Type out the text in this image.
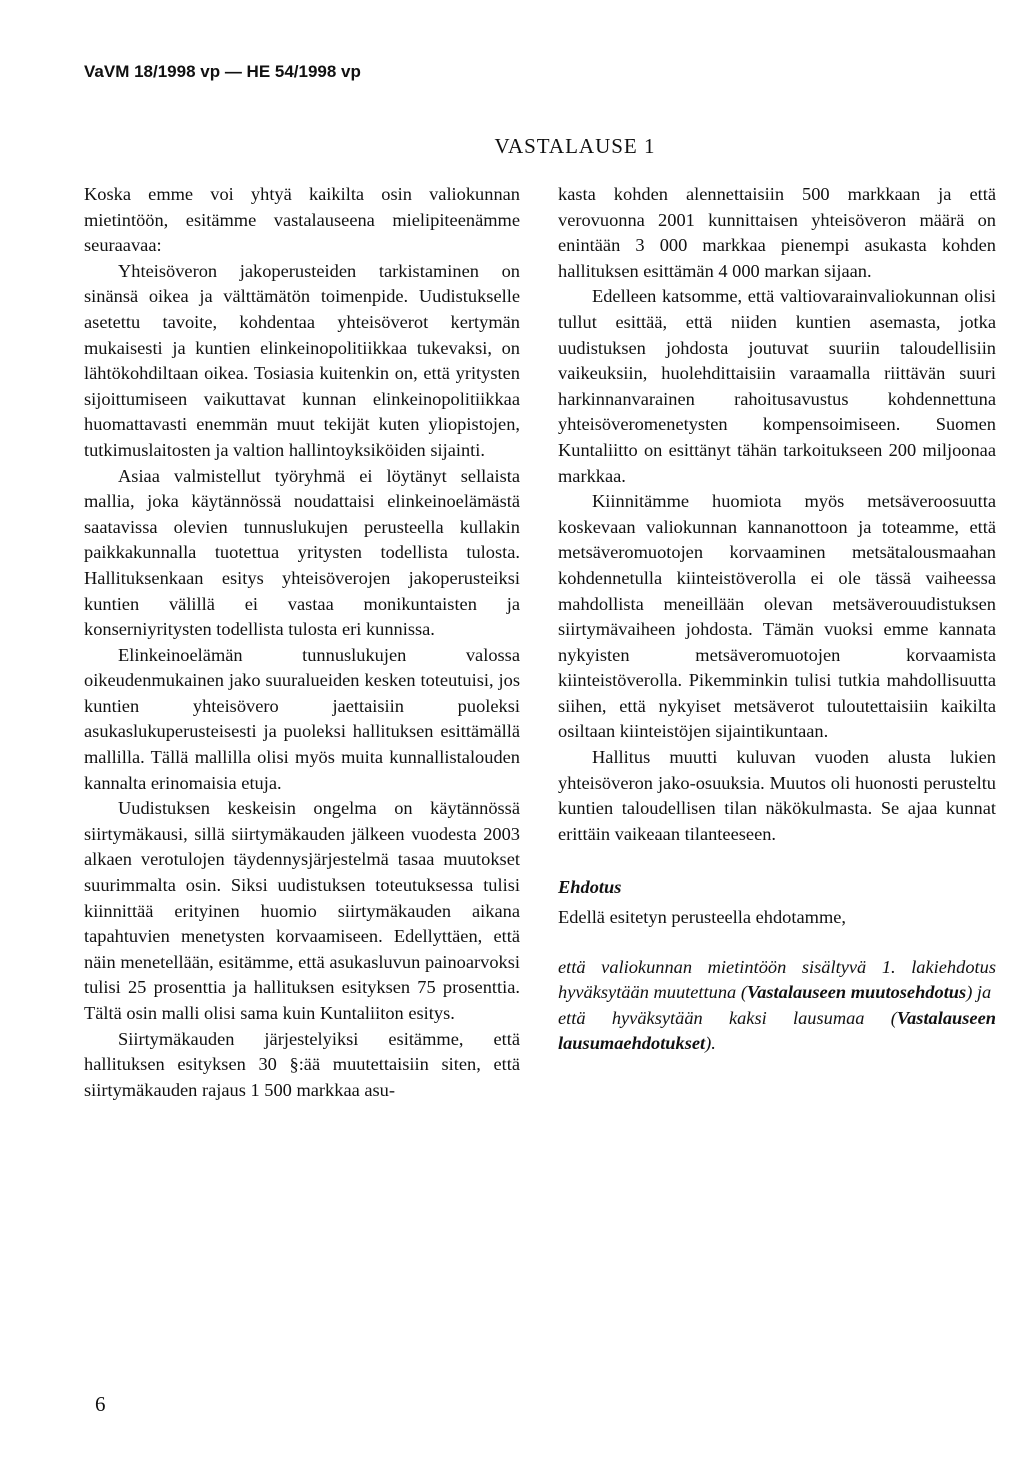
VaVM 18/1998 vp — HE 54/1998 vp
VASTALAUSE 1

Koska emme voi yhtyä kaikilta osin valiokunnan mietintöön, esitämme vastalauseena mielipiteenämme seuraavaa:

Yhteisöveron jakoperusteiden tarkistaminen on sinänsä oikea ja välttämätön toimenpide. Uudistukselle asetettu tavoite, kohdentaa yhteisöverot kertymän mukaisesti ja kuntien elinkeinopolitiikkaa tukevaksi, on lähtökohdiltaan oikea. Tosiasia kuitenkin on, että yritysten sijoittumiseen vaikuttavat kunnan elinkeinopolitiikkaa huomattavasti enemmän muut tekijät kuten yliopistojen, tutkimuslaitosten ja valtion hallintoyksiköiden sijainti.

Asiaa valmistellut työryhmä ei löytänyt sellaista mallia, joka käytännössä noudattaisi elinkeinoelämästä saatavissa olevien tunnuslukujen perusteella kullakin paikkakunnalla tuotettua yritysten todellista tulosta. Hallituksenkaan esitys yhteisöverojen jakoperusteiksi kuntien välillä ei vastaa monikuntaisten ja konserniyritysten todellista tulosta eri kunnissa.

Elinkeinoelämän tunnuslukujen valossa oikeudenmukainen jako suuralueiden kesken toteutuisi, jos kuntien yhteisövero jaettaisiin puoleksi asukaslukuperusteisesti ja puoleksi hallituksen esittämällä mallilla. Tällä mallilla olisi myös muita kunnallistalouden kannalta erinomaisia etuja.

Uudistuksen keskeisin ongelma on käytännössä siirtymäkausi, sillä siirtymäkauden jälkeen vuodesta 2003 alkaen verotulojen täydennysjärjestelmä tasaa muutokset suurimmalta osin. Siksi uudistuksen toteutuksessa tulisi kiinnittää erityinen huomio siirtymäkauden aikana tapahtuvien menetysten korvaamiseen. Edellyttäen, että näin menetellään, esitämme, että asukasluvun painoarvoksi tulisi 25 prosenttia ja hallituksen esityksen 75 prosenttia. Tältä osin malli olisi sama kuin Kuntaliiton esitys.

Siirtymäkauden järjestelyiksi esitämme, että hallituksen esityksen 30 §:ää muutettaisiin siten, että siirtymäkauden rajaus 1 500 markkaa asu-

kasta kohden alennettaisiin 500 markkaan ja että verovuonna 2001 kunnittaisen yhteisöveron määrä on enintään 3 000 markkaa pienempi asukasta kohden hallituksen esittämän 4 000 markan sijaan.

Edelleen katsomme, että valtiovarainvaliokunnan olisi tullut esittää, että niiden kuntien asemasta, jotka uudistuksen johdosta joutuvat suuriin taloudellisiin vaikeuksiin, huolehdittaisiin varaamalla riittävän suuri harkinnanvarainen rahoitusavustus kohdennettuna yhteisöveromenetysten kompensoimiseen. Suomen Kuntaliitto on esittänyt tähän tarkoitukseen 200 miljoonaa markkaa.

Kiinnitämme huomiota myös metsäveroosuutta koskevaan valiokunnan kannanottoon ja toteamme, että metsäveromuotojen korvaaminen metsätalousmaahan kohdennetulla kiinteistöverolla ei ole tässä vaiheessa mahdollista meneillään olevan metsäverouudistuksen siirtymävaiheen johdosta. Tämän vuoksi emme kannata nykyisten metsäveromuotojen korvaamista kiinteistöverolla. Pikemminkin tulisi tutkia mahdollisuutta siihen, että nykyiset metsäverot tuloutettaisiin kaikilta osiltaan kiinteistöjen sijaintikuntaan.

Hallitus muutti kuluvan vuoden alusta lukien yhteisöveron jako-osuuksia. Muutos oli huonosti perusteltu kuntien taloudellisen tilan näkökulmasta. Se ajaa kunnat erittäin vaikeaan tilanteeseen.

Ehdotus

Edellä esitetyn perusteella ehdotamme,

että valiokunnan mietintöön sisältyvä 1. lakiehdotus hyväksytään muutettuna (Vastalauseen muutosehdotus) ja

että hyväksytään kaksi lausumaa (Vastalauseen lausumaehdotukset).

6
